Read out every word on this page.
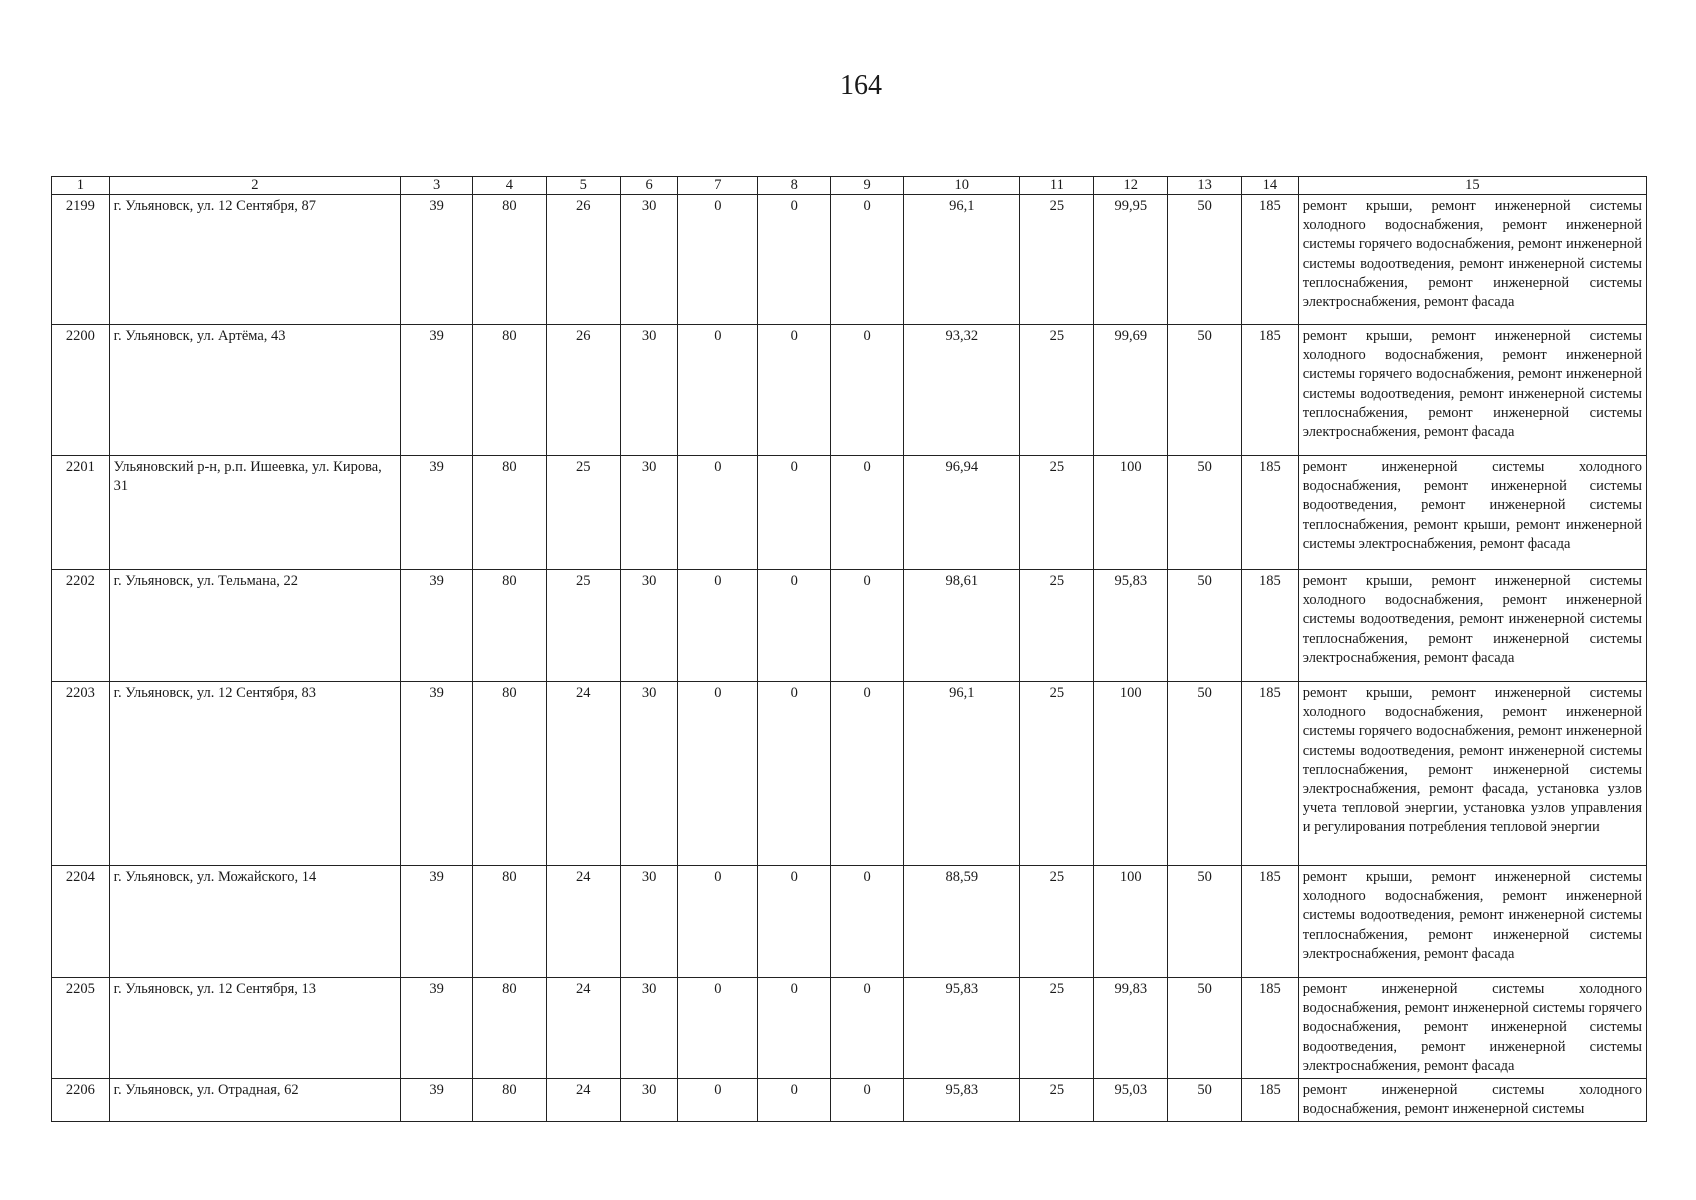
164
1	2	3	4	5	6	7	8	9	10	11	12	13	14	15
2199	г. Ульяновск, ул. 12 Сентября, 87	39	80	26	30	0	0	0	96,1	25	99,95	50	185	ремонт крыши, ремонт инженерной системы холодного водоснабжения, ремонт инженерной системы горячего водоснабжения, ремонт инженерной системы водоотведения, ремонт инженерной системы теплоснабжения, ремонт инженерной системы электроснабжения, ремонт фасада
2200	г. Ульяновск, ул. Артёма, 43	39	80	26	30	0	0	0	93,32	25	99,69	50	185	ремонт крыши, ремонт инженерной системы холодного водоснабжения, ремонт инженерной системы горячего водоснабжения, ремонт инженерной системы водоотведения, ремонт инженерной системы теплоснабжения, ремонт инженерной системы электроснабжения, ремонт фасада
2201	Ульяновский р-н, р.п. Ишеевка, ул. Кирова, 31	39	80	25	30	0	0	0	96,94	25	100	50	185	ремонт инженерной системы холодного водоснабжения, ремонт инженерной системы водоотведения, ремонт инженерной системы теплоснабжения, ремонт крыши, ремонт инженерной системы электроснабжения, ремонт фасада
2202	г. Ульяновск, ул. Тельмана, 22	39	80	25	30	0	0	0	98,61	25	95,83	50	185	ремонт крыши, ремонт инженерной системы холодного водоснабжения, ремонт инженерной системы водоотведения, ремонт инженерной системы теплоснабжения, ремонт инженерной системы электроснабжения, ремонт фасада
2203	г. Ульяновск, ул. 12 Сентября, 83	39	80	24	30	0	0	0	96,1	25	100	50	185	ремонт крыши, ремонт инженерной системы холодного водоснабжения, ремонт инженерной системы горячего водоснабжения, ремонт инженерной системы водоотведения, ремонт инженерной системы теплоснабжения, ремонт инженерной системы электроснабжения, ремонт фасада, установка узлов учета тепловой энергии, установка узлов управления и регулирования потребления тепловой энергии
2204	г. Ульяновск, ул. Можайского, 14	39	80	24	30	0	0	0	88,59	25	100	50	185	ремонт крыши, ремонт инженерной системы холодного водоснабжения, ремонт инженерной системы водоотведения, ремонт инженерной системы теплоснабжения, ремонт инженерной системы электроснабжения, ремонт фасада
2205	г. Ульяновск, ул. 12 Сентября, 13	39	80	24	30	0	0	0	95,83	25	99,83	50	185	ремонт инженерной системы холодного водоснабжения, ремонт инженерной системы горячего водоснабжения, ремонт инженерной системы водоотведения, ремонт инженерной системы электроснабжения, ремонт фасада
2206	г. Ульяновск, ул. Отрадная, 62	39	80	24	30	0	0	0	95,83	25	95,03	50	185	ремонт инженерной системы холодного водоснабжения, ремонт инженерной системы
